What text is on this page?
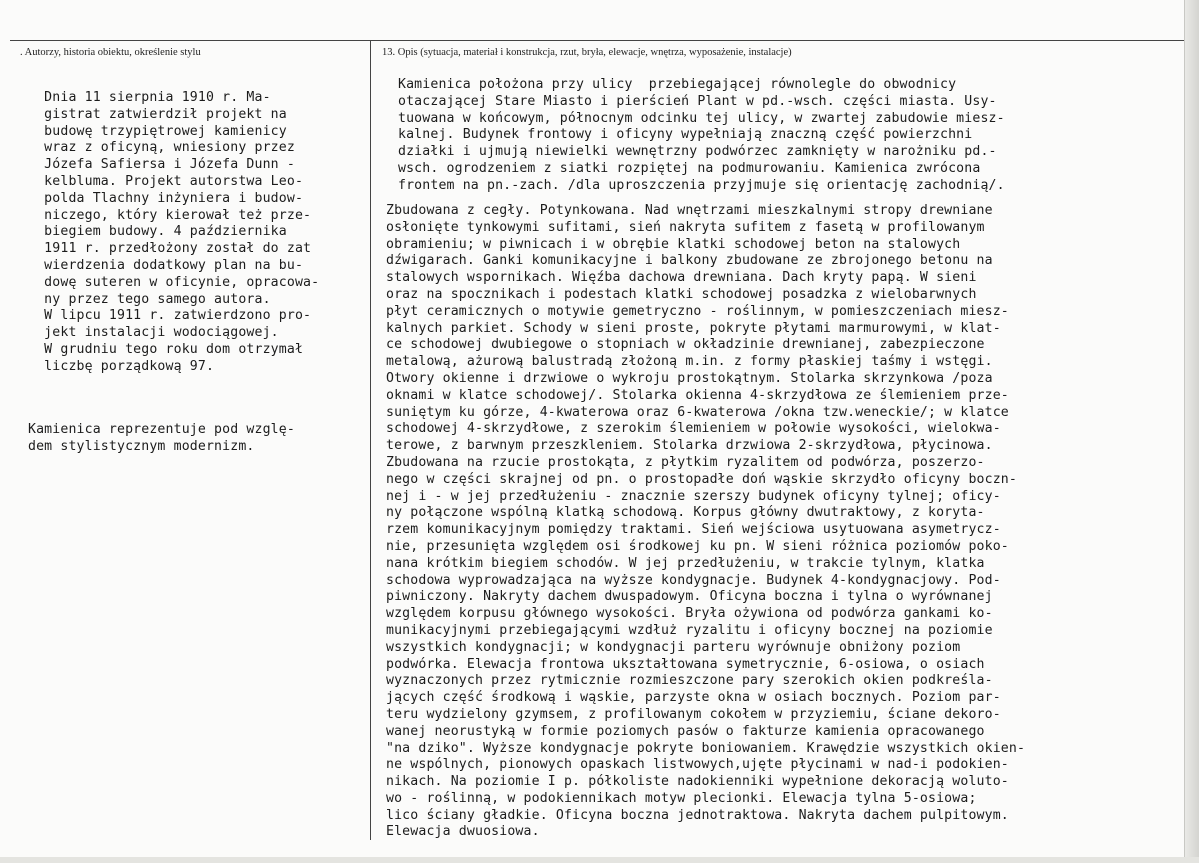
. Autorzy, historia obiektu, określenie stylu	13. Opis (sytuacja, materiał i konstrukcja, rzut, bryła, elewacje, wnętrza, wyposażenie, instalacje)
Dnia 11 sierpnia 1910 r. Ma-
gistrat zatwierdził projekt na
budowę trzypiętrowej kamienicy
wraz z oficyną, wniesiony przez
Józefa Safiersa i Józefa Dunn -
kelbluma. Projekt autorstwa Leo-
polda Tlachny inżyniera i budow-
niczego, który kierował też prze-
biegiem budowy. 4 października
1911 r. przedłożony został do zat
wierdzenia dodatkowy plan na bu-
dowę suteren w oficynie, opracowa-
ny przez tego samego autora.
W lipcu 1911 r. zatwierdzono pro-
jekt instalacji wodociągowej.
W grudniu tego roku dom otrzymał
liczbę porządkową 97.
Kamienica reprezentuje pod wzglę-
dem stylistycznym modernizm.
Kamienica położona przy ulicy  przebiegającej równolegle do obwodnicy
otaczającej Stare Miasto i pierścień Plant w pd.-wsch. części miasta. Usy-
tuowana w końcowym, północnym odcinku tej ulicy, w zwartej zabudowie miesz-
kalnej. Budynek frontowy i oficyny wypełniają znaczną część powierzchni
działki i ujmują niewielki wewnętrzny podwórzec zamknięty w narożniku pd.-
wsch. ogrodzeniem z siatki rozpiętej na podmurowaniu. Kamienica zwrócona
frontem na pn.-zach. /dla uproszczenia przyjmuje się orientację zachodnią/.
Zbudowana z cegły. Potynkowana. Nad wnętrzami mieszkalnymi stropy drewniane
osłonięte tynkowymi sufitami, sień nakryta sufitem z fasetą w profilowanym
obramieniu; w piwnicach i w obrębie klatki schodowej beton na stalowych
dźwigarach. Ganki komunikacyjne i balkony zbudowane ze zbrojonego betonu na
stalowych wspornikach. Więźba dachowa drewniana. Dach kryty papą. W sieni
oraz na spocznikach i podestach klatki schodowej posadzka z wielobarwnych
płyt ceramicznych o motywie gemetryczno - roślinnym, w pomieszczeniach miesz-
kalnych parkiet. Schody w sieni proste, pokryte płytami marmurowymi, w klat-
ce schodowej dwubiegowe o stopniach w okładzinie drewnianej, zabezpieczone
metalową, ażurową balustradą złożoną m.in. z formy płaskiej taśmy i wstęgi.
Otwory okienne i drzwiowe o wykroju prostokątnym. Stolarka skrzynkowa /poza
oknami w klatce schodowej/. Stolarka okienna 4-skrzydłowa ze ślemieniem prze-
suniętym ku górze, 4-kwaterowa oraz 6-kwaterowa /okna tzw.weneckie/; w klatce
schodowej 4-skrzydłowe, z szerokim ślemieniem w połowie wysokości, wielokwa-
terowe, z barwnym przeszkleniem. Stolarka drzwiowa 2-skrzydłowa, płycinowa.
Zbudowana na rzucie prostokąta, z płytkim ryzalitem od podwórza, poszerzo-
nego w części skrajnej od pn. o prostopadłe doń wąskie skrzydło oficyny boczn-
nej i - w jej przedłużeniu - znacznie szerszy budynek oficyny tylnej; oficy-
ny połączone wspólną klatką schodową. Korpus główny dwutraktowy, z koryta-
rzem komunikacyjnym pomiędzy traktami. Sień wejściowa usytuowana asymetrycz-
nie, przesunięta względem osi środkowej ku pn. W sieni różnica poziomów poko-
nana krótkim biegiem schodów. W jej przedłużeniu, w trakcie tylnym, klatka
schodowa wyprowadzająca na wyższe kondygnacje. Budynek 4-kondygnacjowy. Pod-
piwniczony. Nakryty dachem dwuspadowym. Oficyna boczna i tylna o wyrównanej
względem korpusu głównego wysokości. Bryła ożywiona od podwórza gankami ko-
munikacyjnymi przebiegającymi wzdłuż ryzalitu i oficyny bocznej na poziomie
wszystkich kondygnacji; w kondygnacji parteru wyrównuje obniżony poziom
podwórka. Elewacja frontowa ukształtowana symetrycznie, 6-osiowa, o osiach
wyznaczonych przez rytmicznie rozmieszczone pary szerokich okien podkreśla-
jących część środkową i wąskie, parzyste okna w osiach bocznych. Poziom par-
teru wydzielony gzymsem, z profilowanym cokołem w przyziemiu, ściane dekoro-
wanej neorustyką w formie poziomych pasów o fakturze kamienia opracowanego
"na dziko". Wyższe kondygnacje pokryte boniowaniem. Krawędzie wszystkich okien-
ne wspólnych, pionowych opaskach listwowych,ujęte płycinami w nad-i podokien-
nikach. Na poziomie I p. półkoliste nadokienniki wypełnione dekoracją woluto-
wo - roślinną, w podokiennikach motyw plecionki. Elewacja tylna 5-osiowa;
lico ściany gładkie. Oficyna boczna jednotraktowa. Nakryta dachem pulpitowym.
Elewacja dwuosiowa.
